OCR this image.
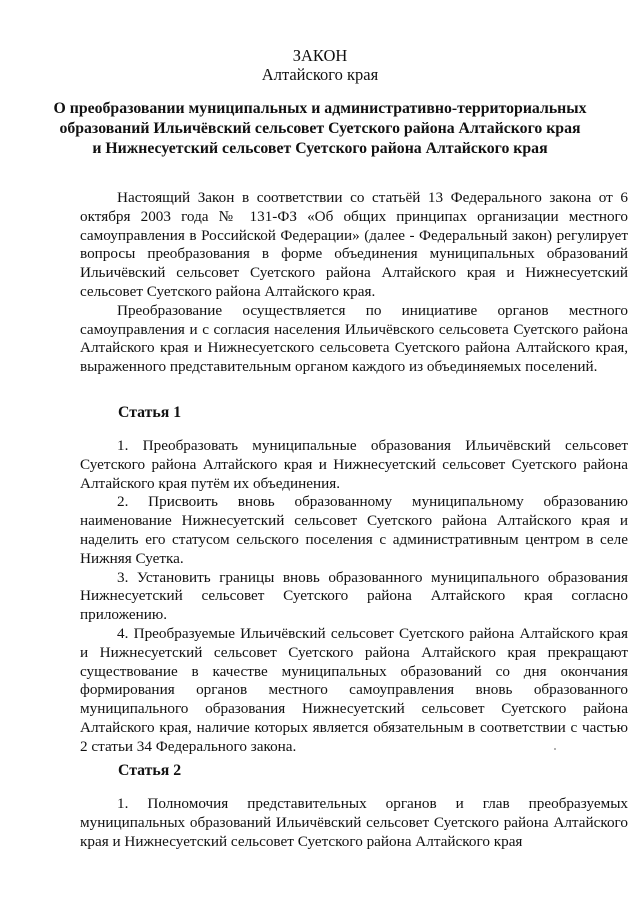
ЗАКОН
Алтайского края
О преобразовании муниципальных и административно-территориальных
образований Ильичёвский сельсовет Суетского района Алтайского края
и Нижнесуетский сельсовет Суетского района Алтайского края

Настоящий Закон в соответствии со статьёй 13 Федерального закона от 6 октября 2003 года № 131-ФЗ «Об общих принципах организации местного самоуправления в Российской Федерации» (далее - Федеральный закон) регулирует вопросы преобразования в форме объединения муниципальных образований Ильичёвский сельсовет Суетского района Алтайского края и Нижнесуетский сельсовет Суетского района Алтайского края.

Преобразование осуществляется по инициативе органов местного самоуправления и с согласия населения Ильичёвского сельсовета Суетского района Алтайского края и Нижнесуетского сельсовета Суетского района Алтайского края, выраженного представительным органом каждого из объединяемых поселений.

Статья 1

1. Преобразовать муниципальные образования Ильичёвский сельсовет Суетского района Алтайского края и Нижнесуетский сельсовет Суетского района Алтайского края путём их объединения.

2. Присвоить вновь образованному муниципальному образованию наименование Нижнесуетский сельсовет Суетского района Алтайского края и наделить его статусом сельского поселения с административным центром в селе Нижняя Суетка.

3. Установить границы вновь образованного муниципального образования Нижнесуетский сельсовет Суетского района Алтайского края согласно приложению.

4. Преобразуемые Ильичёвский сельсовет Суетского района Алтайского края и Нижнесуетский сельсовет Суетского района Алтайского края прекращают существование в качестве муниципальных образований со дня окончания формирования органов местного самоуправления вновь образованного муниципального образования Нижнесуетский сельсовет Суетского района Алтайского края, наличие которых является обязательным в соответствии с частью 2 статьи 34 Федерального закона.

Статья 2

1. Полномочия представительных органов и глав преобразуемых муниципальных образований Ильичёвский сельсовет Суетского района Алтайского края и Нижнесуетский сельсовет Суетского района Алтайского края
